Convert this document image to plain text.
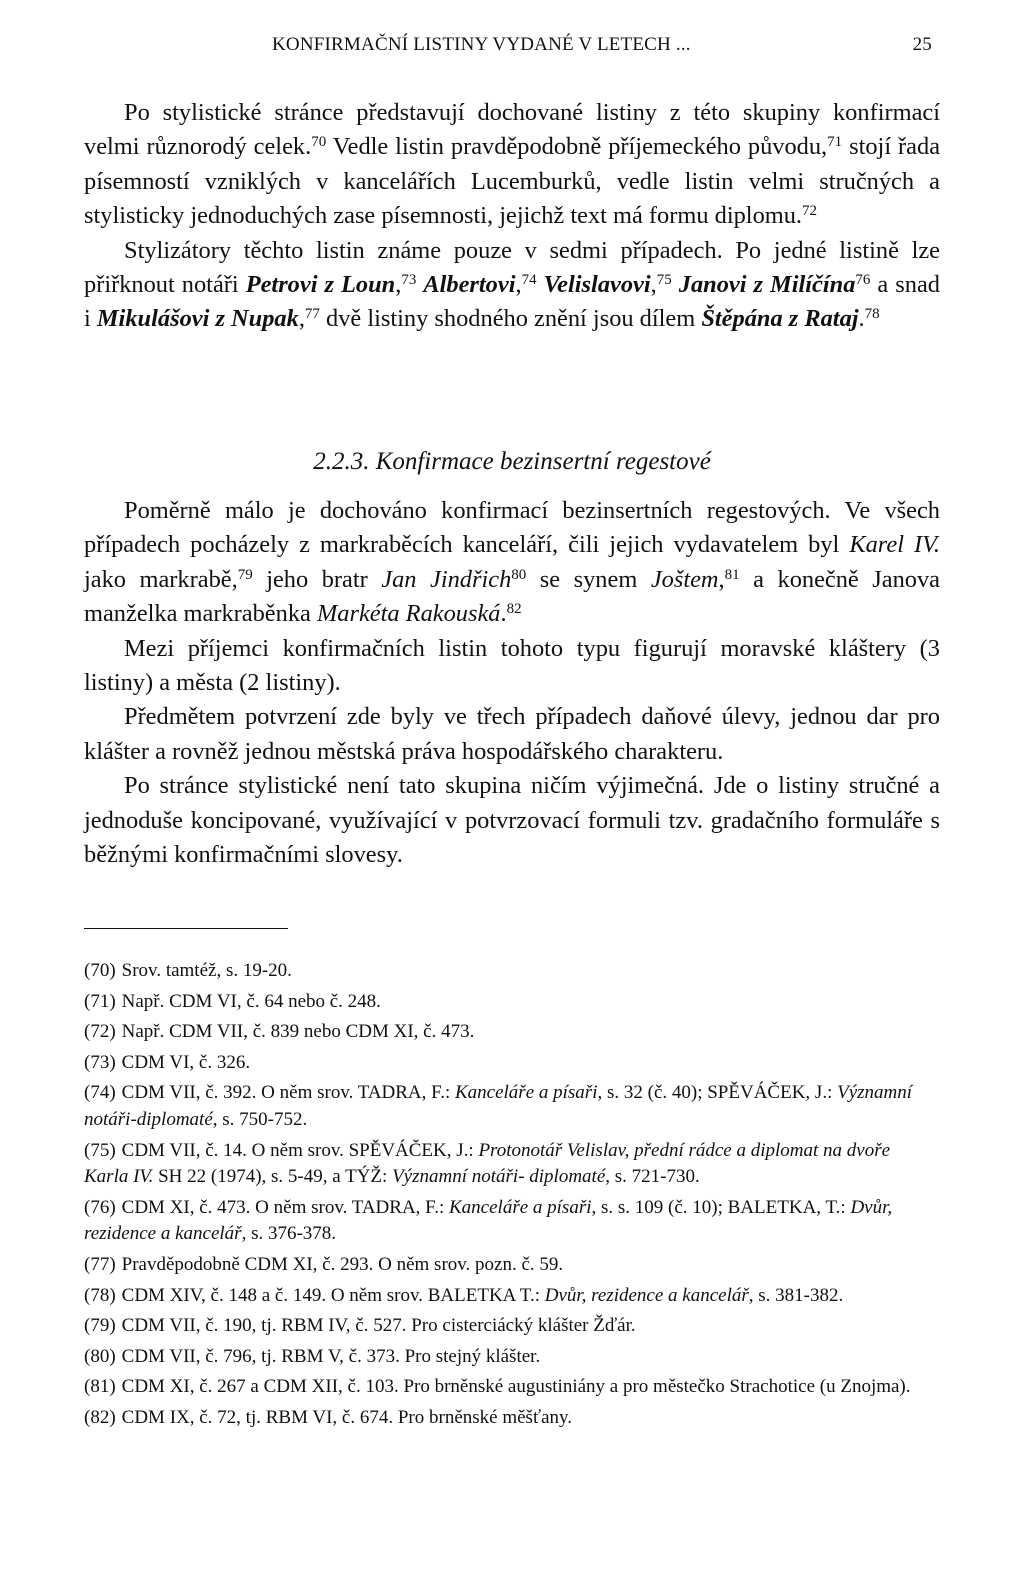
KONFIRMAČNÍ LISTINY VYDANÉ V LETECH ...	25

Po stylistické stránce představují dochované listiny z této skupiny konfirmací velmi různorodý celek.$^{70}$ Vedle listin pravděpodobně příjemeckého původu,$^{71}$ stojí řada písemností vzniklých v kancelářích Lucemburků, vedle listin velmi stručných a stylisticky jednoduchých zase písemnosti, jejichž text má formu diplomu.$^{72}$

Stylizátory těchto listin známe pouze v sedmi případech. Po jedné listině lze přiřknout notáři Petrovi z Loun,$^{73}$ Albertovi,$^{74}$ Velislavovi,$^{75}$ Janovi z Milíčína$^{76}$ a snad i Mikulášovi z Nupak,$^{77}$ dvě listiny shodného znění jsou dílem Štěpána z Rataj.$^{78}$

2.2.3. Konfirmace bezinsertní regestové

Poměrně málo je dochováno konfirmací bezinsertních regestových. Ve všech případech pocházely z markraběcích kanceláří, čili jejich vydavatelem byl Karel IV. jako markrabě,$^{79}$ jeho bratr Jan Jindřich$^{80}$ se synem Joštem,$^{81}$ a konečně Janova manželka markraběnka Markéta Rakouská.$^{82}$

Mezi příjemci konfirmačních listin tohoto typu figurují moravské kláštery (3 listiny) a města (2 listiny).

Předmětem potvrzení zde byly ve třech případech daňové úlevy, jednou dar pro klášter a rovněž jednou městská práva hospodářského charakteru.

Po stránce stylistické není tato skupina ničím výjimečná. Jde o listiny stručné a jednoduše koncipované, využívající v potvrzovací formuli tzv. gradačního formuláře s běžnými konfirmačními slovesy.

(70) Srov. tamtéž, s. 19-20.

(71) Např. CDM VI, č. 64 nebo č. 248.

(72) Např. CDM VII, č. 839 nebo CDM XI, č. 473.

(73) CDM VI, č. 326.

(74) CDM VII, č. 392. O něm srov. TADRA, F.: Kanceláře a písaři, s. 32 (č. 40); SPĚVÁČEK, J.: Významní notáři-diplomaté, s. 750-752.

(75) CDM VII, č. 14. O něm srov. SPĚVÁČEK, J.: Protonotář Velislav, přední rádce a diplomat na dvoře Karla IV. SH 22 (1974), s. 5-49, a TÝŽ: Významní notáři- diplomaté, s. 721-730.

(76) CDM XI, č. 473. O něm srov. TADRA, F.: Kanceláře a písaři, s. s. 109 (č. 10); BALETKA, T.: Dvůr, rezidence a kancelář, s. 376-378.

(77) Pravděpodobně CDM XI, č. 293. O něm srov. pozn. č. 59.

(78) CDM XIV, č. 148 a č. 149. O něm srov. BALETKA T.: Dvůr, rezidence a kancelář, s. 381-382.

(79) CDM VII, č. 190, tj. RBM IV, č. 527. Pro cisterciácký klášter Žďár.

(80) CDM VII, č. 796, tj. RBM V, č. 373. Pro stejný klášter.

(81) CDM XI, č. 267 a CDM XII, č. 103. Pro brněnské augustiniány a pro městečko Strachotice (u Znojma).

(82) CDM IX, č. 72, tj. RBM VI, č. 674. Pro brněnské měšťany.
